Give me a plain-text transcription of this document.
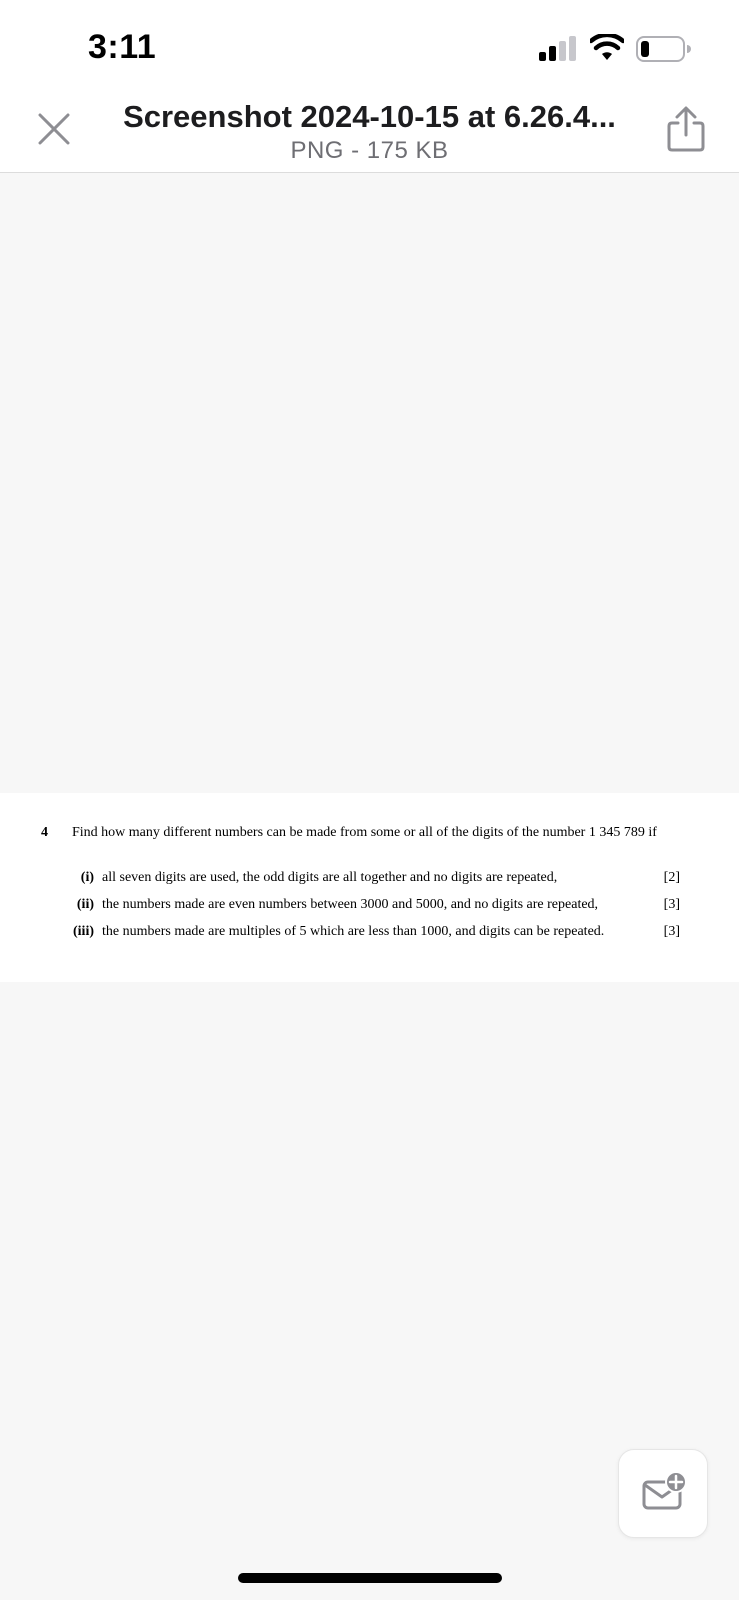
3:11
Screenshot 2024-10-15 at 6.26.4...
PNG - 175 KB
4 Find how many different numbers can be made from some or all of the digits of the number 1 345 789 if
(i) all seven digits are used, the odd digits are all together and no digits are repeated,	[2]
(ii) the numbers made are even numbers between 3000 and 5000, and no digits are repeated,	[3]
(iii) the numbers made are multiples of 5 which are less than 1000, and digits can be repeated.	[3]
